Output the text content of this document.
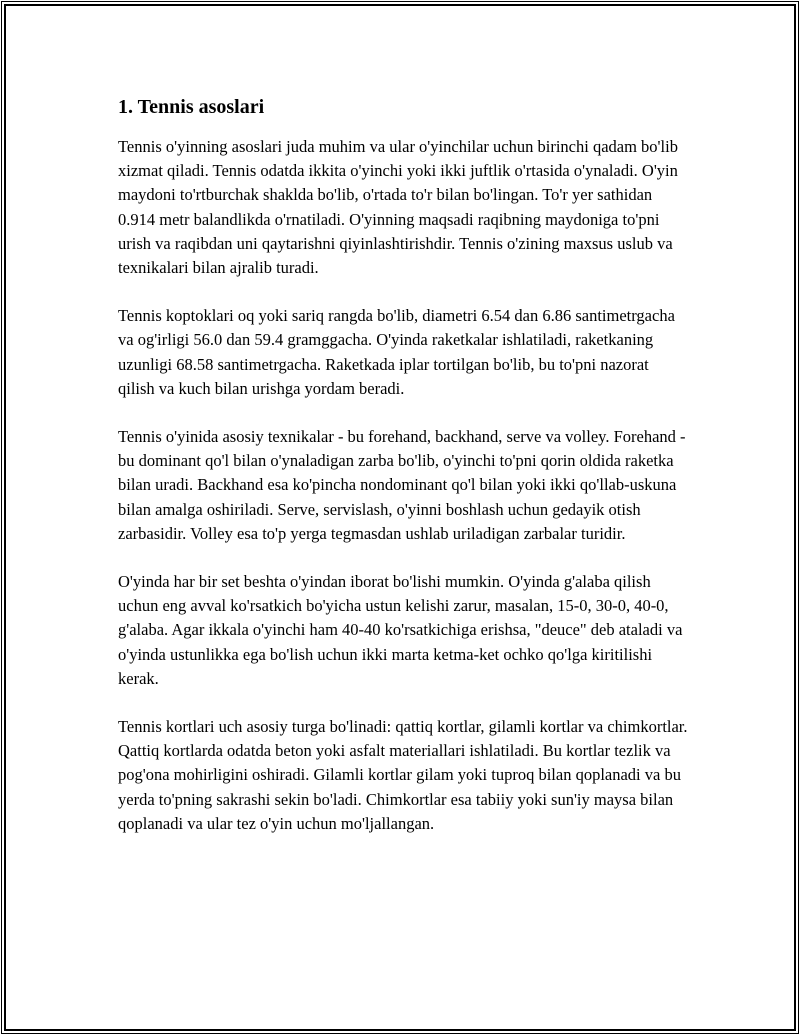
1. Tennis asoslari

Tennis o'yinning asoslari juda muhim va ular o'yinchilar uchun birinchi qadam bo'lib xizmat qiladi. Tennis odatda ikkita o'yinchi yoki ikki juftlik o'rtasida o'ynaladi. O'yin maydoni to'rtburchak shaklda bo'lib, o'rtada to'r bilan bo'lingan. To'r yer sathidan 0.914 metr balandlikda o'rnatiladi. O'yinning maqsadi raqibning maydoniga to'pni urish va raqibdan uni qaytarishni qiyinlashtirishdir. Tennis o'zining maxsus uslub va texnikalari bilan ajralib turadi.

Tennis koptoklari oq yoki sariq rangda bo'lib, diametri 6.54 dan 6.86 santimetrgacha va og'irligi 56.0 dan 59.4 gramggacha. O'yinda raketkalar ishlatiladi, raketkaning uzunligi 68.58 santimetrgacha. Raketkada iplar tortilgan bo'lib, bu to'pni nazorat qilish va kuch bilan urishga yordam beradi.

Tennis o'yinida asosiy texnikalar - bu forehand, backhand, serve va volley. Forehand - bu dominant qo'l bilan o'ynaladigan zarba bo'lib, o'yinchi to'pni qorin oldida raketka bilan uradi. Backhand esa ko'pincha nondominant qo'l bilan yoki ikki qo'llab-uskuna bilan amalga oshiriladi. Serve, servislash, o'yinni boshlash uchun gedayik otish zarbasidir. Volley esa to'p yerga tegmasdan ushlab uriladigan zarbalar turidir.

O'yinda har bir set beshta o'yindan iborat bo'lishi mumkin. O'yinda g'alaba qilish uchun eng avval ko'rsatkich bo'yicha ustun kelishi zarur, masalan, 15-0, 30-0, 40-0, g'alaba. Agar ikkala o'yinchi ham 40-40 ko'rsatkichiga erishsa, "deuce" deb ataladi va o'yinda ustunlikka ega bo'lish uchun ikki marta ketma-ket ochko qo'lga kiritilishi kerak.

Tennis kortlari uch asosiy turga bo'linadi: qattiq kortlar, gilamli kortlar va chimkortlar. Qattiq kortlarda odatda beton yoki asfalt materiallari ishlatiladi. Bu kortlar tezlik va pog'ona mohirligini oshiradi. Gilamli kortlar gilam yoki tuproq bilan qoplanadi va bu yerda to'pning sakrashi sekin bo'ladi. Chimkortlar esa tabiiy yoki sun'iy maysa bilan qoplanadi va ular tez o'yin uchun mo'ljallangan.
